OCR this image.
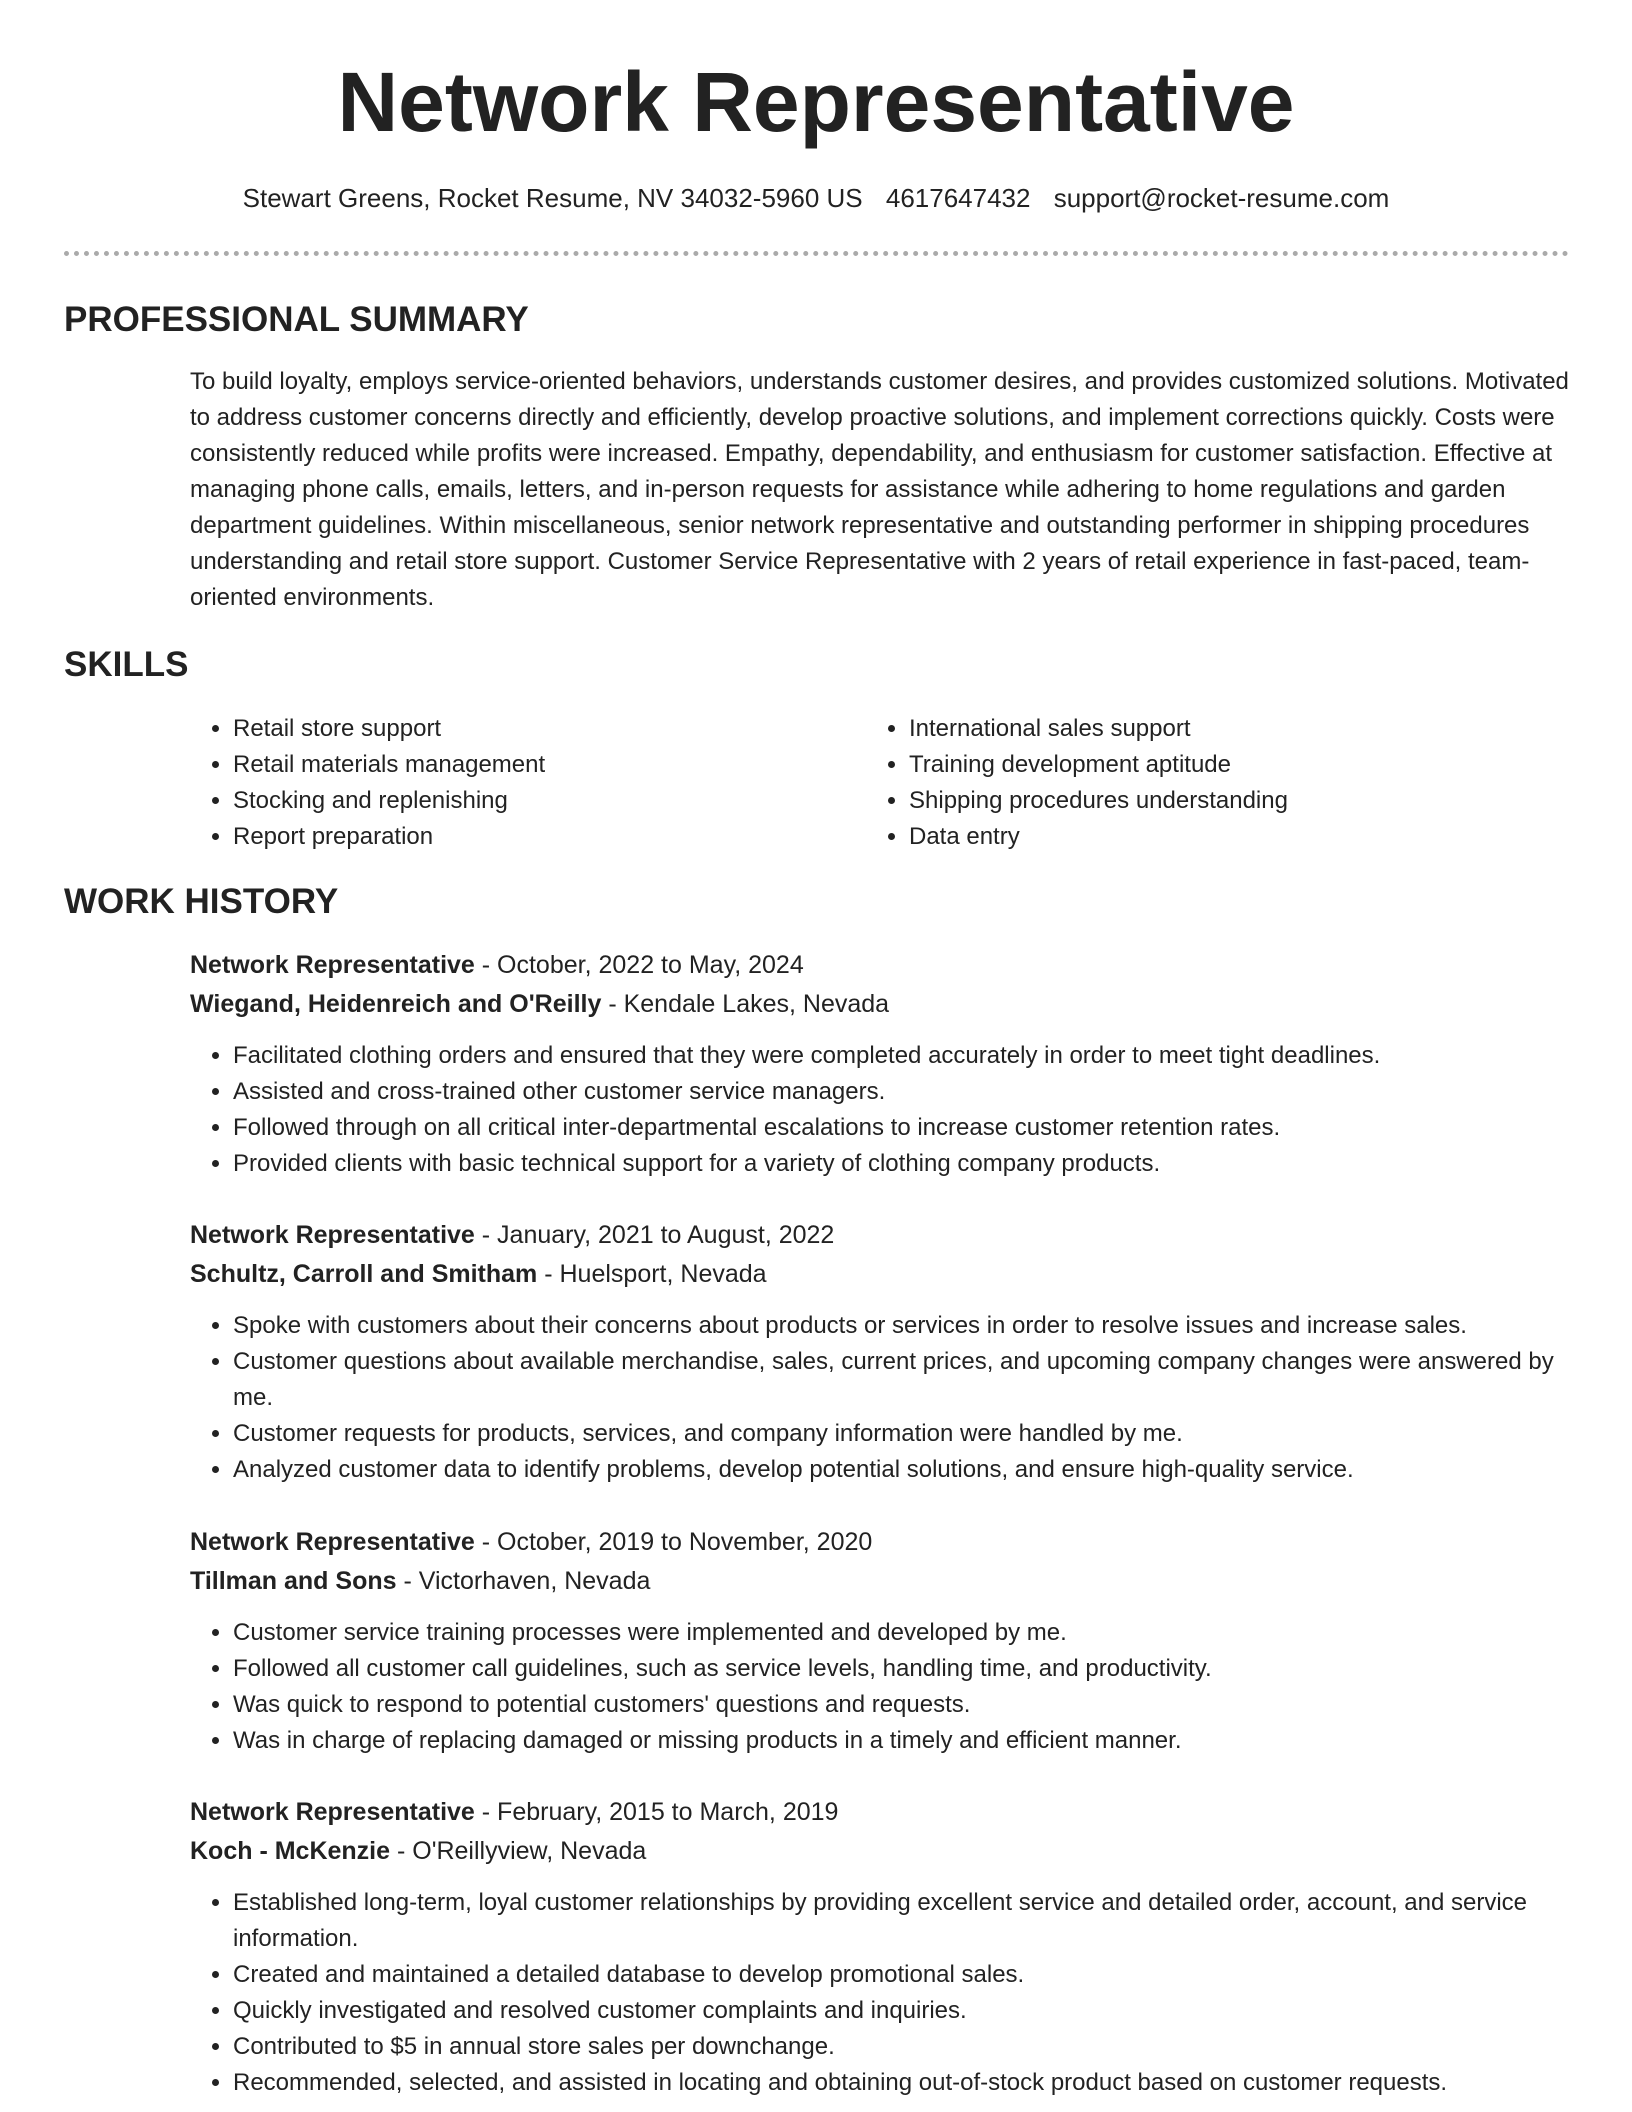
Network Representative
Stewart Greens, Rocket Resume, NV 34032-5960 US 4617647432 support@rocket-resume.com
PROFESSIONAL SUMMARY

To build loyalty, employs service-oriented behaviors, understands customer desires, and provides customized solutions. Motivated to address customer concerns directly and efficiently, develop proactive solutions, and implement corrections quickly. Costs were consistently reduced while profits were increased. Empathy, dependability, and enthusiasm for customer satisfaction. Effective at managing phone calls, emails, letters, and in-person requests for assistance while adhering to home regulations and garden department guidelines. Within miscellaneous, senior network representative and outstanding performer in shipping procedures understanding and retail store support. Customer Service Representative with 2 years of retail experience in fast-paced, team-oriented environments.

SKILLS
• Retail store support
• Retail materials management
• Stocking and replenishing
• Report preparation
• International sales support
• Training development aptitude
• Shipping procedures understanding
• Data entry
WORK HISTORY
Network Representative - October, 2022 to May, 2024
Wiegand, Heidenreich and O'Reilly - Kendale Lakes, Nevada
• Facilitated clothing orders and ensured that they were completed accurately in order to meet tight deadlines.
• Assisted and cross-trained other customer service managers.
• Followed through on all critical inter-departmental escalations to increase customer retention rates.
• Provided clients with basic technical support for a variety of clothing company products.
Network Representative - January, 2021 to August, 2022
Schultz, Carroll and Smitham - Huelsport, Nevada
• Spoke with customers about their concerns about products or services in order to resolve issues and increase sales.
• Customer questions about available merchandise, sales, current prices, and upcoming company changes were answered by me.
• Customer requests for products, services, and company information were handled by me.
• Analyzed customer data to identify problems, develop potential solutions, and ensure high-quality service.
Network Representative - October, 2019 to November, 2020
Tillman and Sons - Victorhaven, Nevada
• Customer service training processes were implemented and developed by me.
• Followed all customer call guidelines, such as service levels, handling time, and productivity.
• Was quick to respond to potential customers' questions and requests.
• Was in charge of replacing damaged or missing products in a timely and efficient manner.
Network Representative - February, 2015 to March, 2019
Koch - McKenzie - O'Reillyview, Nevada
• Established long-term, loyal customer relationships by providing excellent service and detailed order, account, and service information.
• Created and maintained a detailed database to develop promotional sales.
• Quickly investigated and resolved customer complaints and inquiries.
• Contributed to $5 in annual store sales per downchange.
• Recommended, selected, and assisted in locating and obtaining out-of-stock product based on customer requests.
